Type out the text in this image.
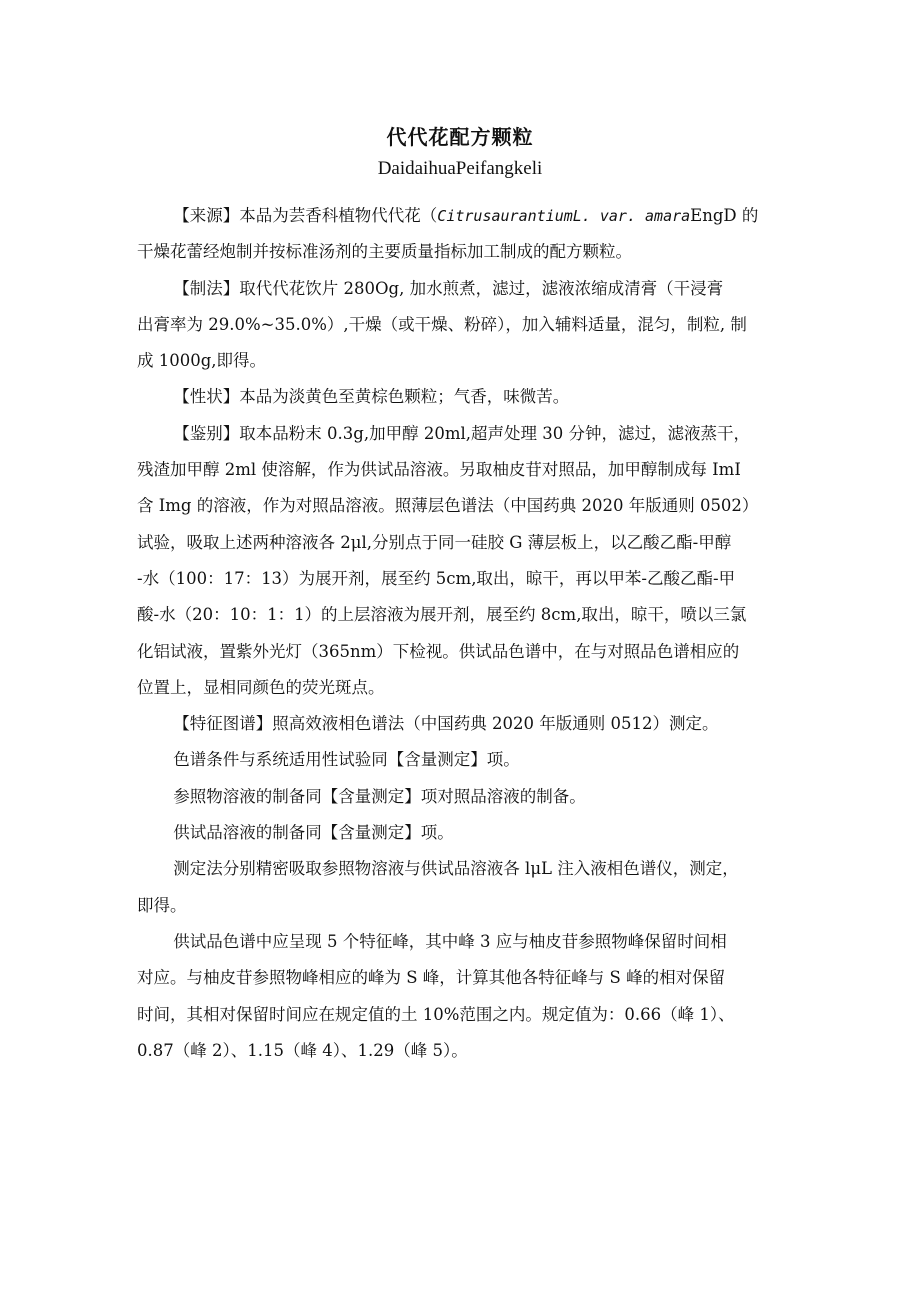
代代花配方颗粒
DaidaihuaPeifangkeli

【来源】本品为芸香科植物代代花（CitrusaurantiumL. var. amaraEngD 的
干燥花蕾经炮制并按标准汤剂的主要质量指标加工制成的配方颗粒。

【制法】取代代花饮片 280Og, 加水煎煮，滤过，滤液浓缩成清膏（干浸膏
出膏率为 29.0%~35.0%）,干燥（或干燥、粉碎），加入辅料适量，混匀，制粒, 制
成 1000g,即得。

【性状】本品为淡黄色至黄棕色颗粒；气香，味微苦。

【鉴别】取本品粉末 0.3g,加甲醇 20ml,超声处理 30 分钟，滤过，滤液蒸干，
残渣加甲醇 2ml 使溶解，作为供试品溶液。另取柚皮苷对照品，加甲醇制成每 ImI
含 Img 的溶液，作为对照品溶液。照薄层色谱法（中国药典 2020 年版通则 0502）
试验，吸取上述两种溶液各 2μl,分别点于同一硅胶 G 薄层板上，以乙酸乙酯-甲醇
-水（100：17：13）为展开剂，展至约 5cm,取出，晾干，再以甲苯-乙酸乙酯-甲
酸-水（20：10：1：1）的上层溶液为展开剂，展至约 8cm,取出，晾干，喷以三氯
化铝试液，置紫外光灯（365nm）下检视。供试品色谱中，在与对照品色谱相应的
位置上，显相同颜色的荧光斑点。

【特征图谱】照高效液相色谱法（中国药典 2020 年版通则 0512）测定。

色谱条件与系统适用性试验同【含量测定】项。

参照物溶液的制备同【含量测定】项对照品溶液的制备。

供试品溶液的制备同【含量测定】项。

测定法分别精密吸取参照物溶液与供试品溶液各 lμL 注入液相色谱仪，测定，
即得。

供试品色谱中应呈现 5 个特征峰，其中峰 3 应与柚皮苷参照物峰保留时间相
对应。与柚皮苷参照物峰相应的峰为 S 峰，计算其他各特征峰与 S 峰的相对保留
时间，其相对保留时间应在规定值的土 10%范围之内。规定值为：0.66（峰 1）、
0.87（峰 2）、1.15（峰 4）、1.29（峰 5）。
